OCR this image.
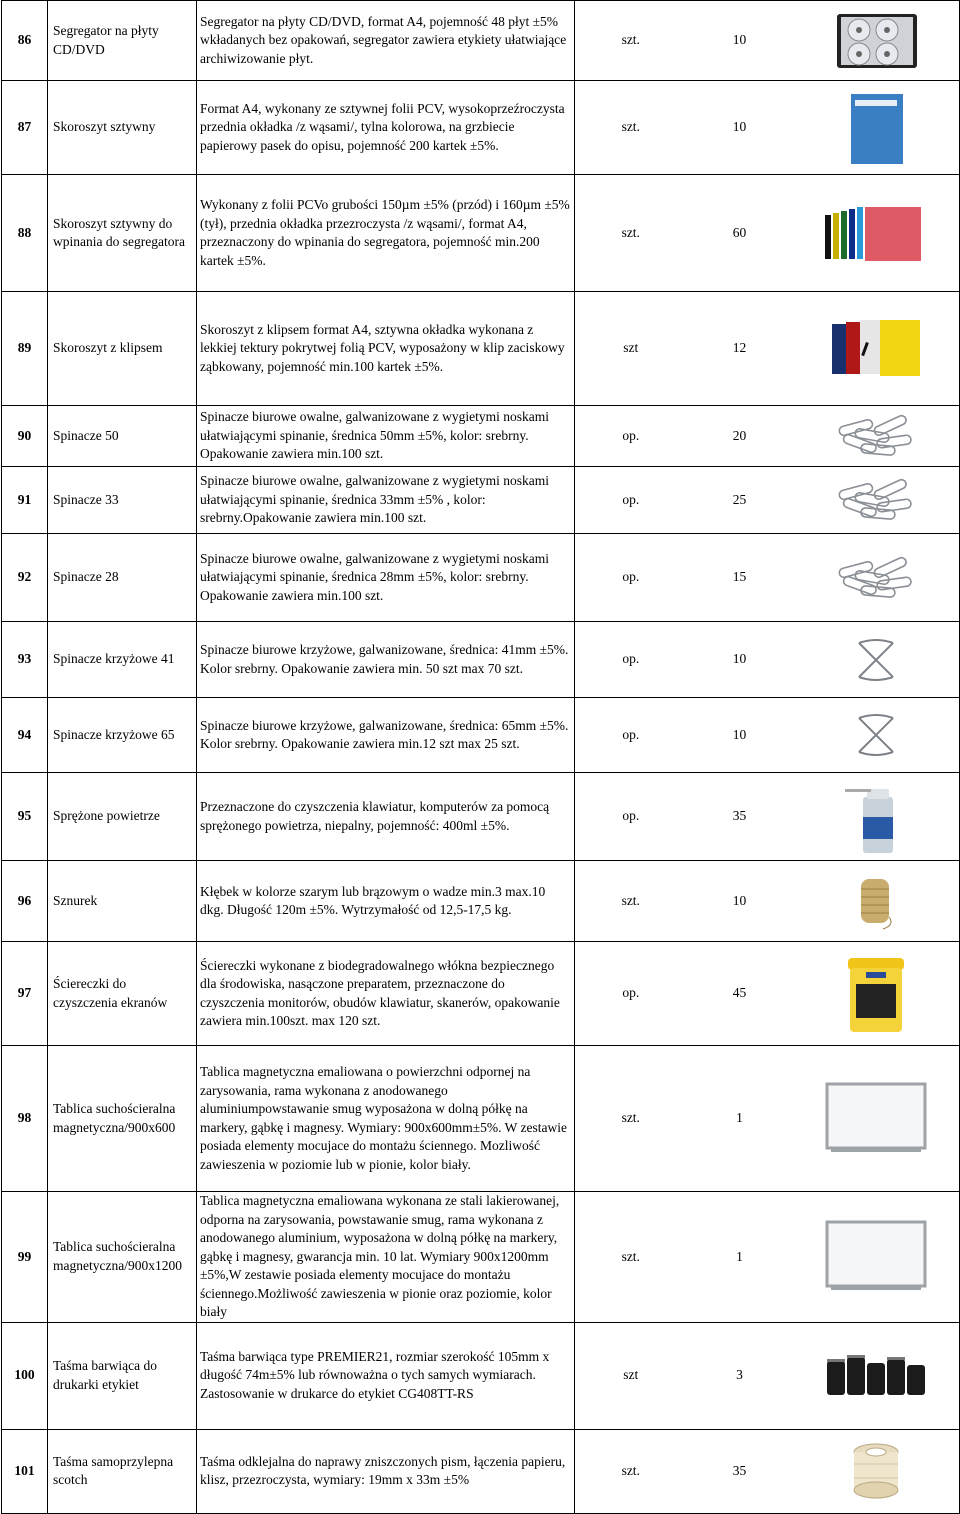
86	Segregator na płyty CD/DVD	Segregator na płyty CD/DVD, format A4, pojemność 48 płyt ±5% wkładanych bez opakowań, segregator zawiera etykiety ułatwiające archiwizowanie płyt.	szt.	10	

87	Skoroszyt sztywny	Format A4, wykonany ze sztywnej folii PCV, wysokoprzeźroczysta przednia okładka /z wąsami/, tylna kolorowa, na grzbiecie papierowy pasek do opisu, pojemność 200 kartek ±5%.	szt.	10	

88	Skoroszyt sztywny do wpinania do segregatora	Wykonany z folii PCVo grubości 150µm ±5% (przód) i 160µm ±5% (tył), przednia okładka przezroczysta /z wąsami/, format A4, przeznaczony do wpinania do segregatora, pojemność min.200 kartek ±5%.	szt.	60	

89	Skoroszyt z klipsem	Skoroszyt z klipsem format A4, sztywna okładka wykonana z lekkiej tektury pokrytwej folią PCV, wyposażony w klip zaciskowy ząbkowany, pojemność min.100 kartek ±5%.	szt	12	

90	Spinacze 50	Spinacze biurowe owalne, galwanizowane z wygietymi noskami ułatwiającymi spinanie, średnica 50mm ±5%, kolor: srebrny. Opakowanie zawiera min.100 szt.	op.	20	

91	Spinacze 33	Spinacze biurowe owalne, galwanizowane z wygietymi noskami ułatwiającymi spinanie, średnica 33mm ±5% , kolor: srebrny.Opakowanie zawiera min.100 szt.	op.	25	

92	Spinacze 28	Spinacze biurowe owalne, galwanizowane z wygietymi noskami ułatwiającymi spinanie, średnica 28mm ±5%, kolor: srebrny. Opakowanie zawiera min.100 szt.	op.	15	

93	Spinacze krzyżowe 41	Spinacze biurowe krzyżowe, galwanizowane, średnica: 41mm ±5%. Kolor srebrny. Opakowanie zawiera min. 50 szt max 70 szt.	op.	10	

94	Spinacze krzyżowe 65	Spinacze biurowe krzyżowe, galwanizowane, średnica: 65mm ±5%. Kolor srebrny. Opakowanie zawiera min.12 szt max 25 szt.	op.	10	

95	Sprężone powietrze	Przeznaczone do czyszczenia klawiatur, komputerów za pomocą sprężonego powietrza, niepalny, pojemność: 400ml ±5%.	op.	35	

96	Sznurek	Kłębek w kolorze szarym lub brązowym o wadze min.3 max.10 dkg. Długość 120m ±5%. Wytrzymałość od 12,5-17,5 kg.	szt.	10	

97	Ściereczki do czyszczenia ekranów	Ściereczki wykonane z biodegradowalnego włókna bezpiecznego dla środowiska, nasączone preparatem, przeznaczone do czyszczenia monitorów, obudów klawiatur, skanerów, opakowanie zawiera min.100szt. max 120 szt.	op.	45	

98	Tablica suchościeralna magnetyczna/900x600	Tablica magnetyczna emaliowana o powierzchni odpornej na zarysowania, rama wykonana z anodowanego aluminiumpowstawanie smug wyposażona w dolną półkę na markery, gąbkę i magnesy. Wymiary: 900x600mm±5%. W zestawie posiada elementy mocujace do montażu ściennego. Mozliwość zawieszenia w poziomie lub w pionie, kolor biały.	szt.	1	

99	Tablica suchościeralna magnetyczna/900x1200	Tablica magnetyczna emaliowana wykonana ze stali lakierowanej, odporna na zarysowania, powstawanie smug, rama wykonana z anodowanego aluminium, wyposażona w dolną półkę na markery, gąbkę i magnesy, gwarancja min. 10 lat. Wymiary 900x1200mm ±5%,W zestawie posiada elementy mocujace do montażu ściennego.Możliwość zawieszenia w pionie oraz poziomie, kolor biały	szt.	1	

100	Taśma barwiąca do drukarki etykiet	Taśma barwiąca type PREMIER21, rozmiar szerokość 105mm x długość 74m±5% lub równoważna o tych samych wymiarach. Zastosowanie w drukarce do etykiet CG408TT-RS	szt	3	

101	Taśma samoprzylepna scotch	Taśma odklejalna do naprawy zniszczonych pism, łączenia papieru, klisz, przezroczysta, wymiary: 19mm x 33m ±5%	szt.	35	
